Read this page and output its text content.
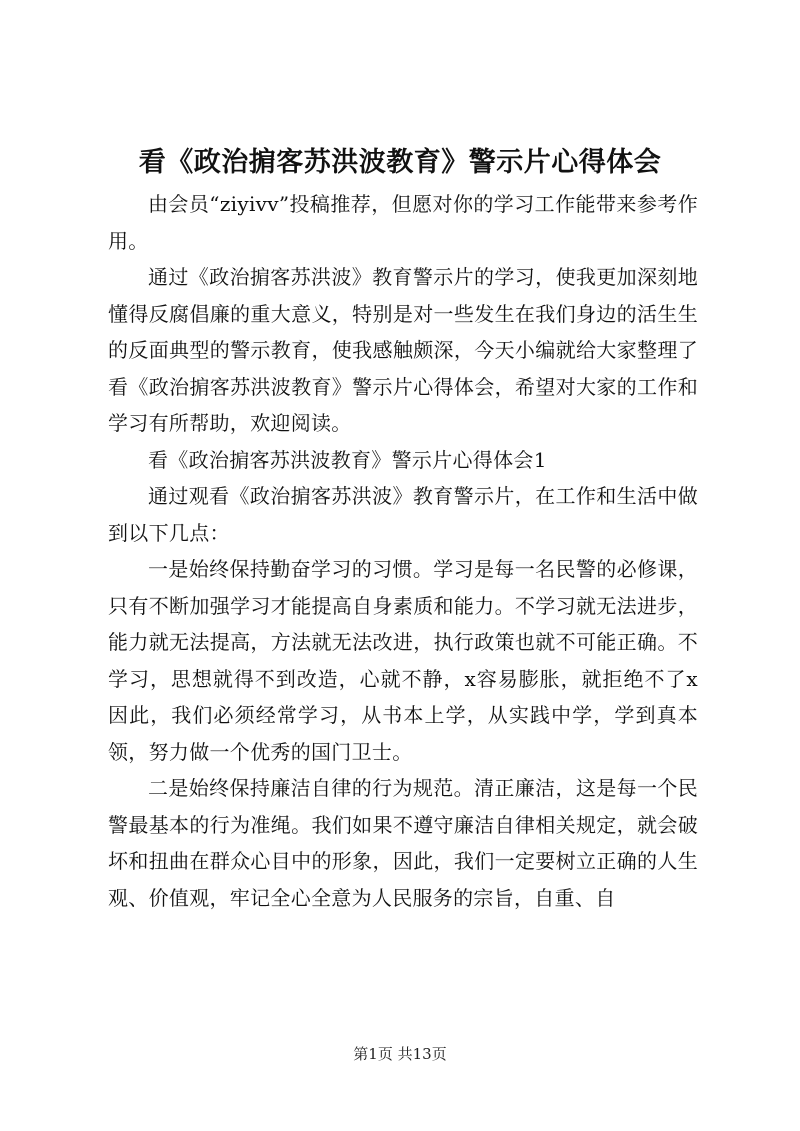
看《政治掮客苏洪波教育》警示片心得体会

由会员“ziyivv”投稿推荐，但愿对你的学习工作能带来参考作用。

通过《政治掮客苏洪波》教育警示片的学习，使我更加深刻地懂得反腐倡廉的重大意义，特别是对一些发生在我们身边的活生生的反面典型的警示教育，使我感触颇深，今天小编就给大家整理了看《政治掮客苏洪波教育》警示片心得体会，希望对大家的工作和学习有所帮助，欢迎阅读。

看《政治掮客苏洪波教育》警示片心得体会1

通过观看《政治掮客苏洪波》教育警示片，在工作和生活中做到以下几点：

一是始终保持勤奋学习的习惯。学习是每一名民警的必修课，只有不断加强学习才能提高自身素质和能力。不学习就无法进步，能力就无法提高，方法就无法改进，执行政策也就不可能正确。不学习，思想就得不到改造，心就不静，x容易膨胀，就拒绝不了x因此，我们必须经常学习，从书本上学，从实践中学，学到真本领，努力做一个优秀的国门卫士。

二是始终保持廉洁自律的行为规范。清正廉洁，这是每一个民警最基本的行为准绳。我们如果不遵守廉洁自律相关规定，就会破坏和扭曲在群众心目中的形象，因此，我们一定要树立正确的人生观、价值观，牢记全心全意为人民服务的宗旨，自重、自

第1页 共13页
